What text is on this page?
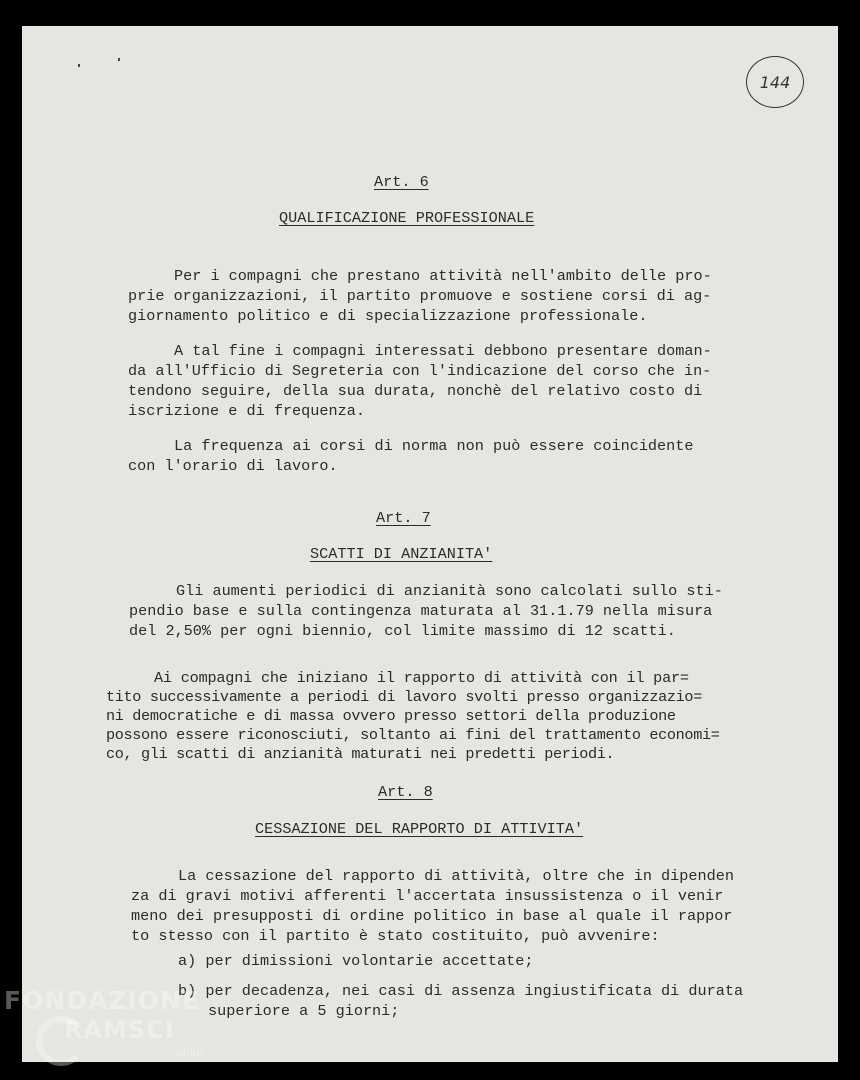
144
Art. 6
QUALIFICAZIONE PROFESSIONALE
Per i compagni che prestano attività nell'ambito delle pro-
prie organizzazioni, il partito promuove e sostiene corsi di ag-
giornamento politico e di specializzazione professionale.
A tal fine i compagni interessati debbono presentare doman-
da all'Ufficio di Segreteria con l'indicazione del corso che in-
tendono seguire, della sua durata, nonchè del relativo costo di
iscrizione e di frequenza.
La frequenza ai corsi di norma non può essere coincidente
con l'orario di lavoro.
Art. 7
SCATTI DI ANZIANITA'
Gli aumenti periodici di anzianità sono calcolati sullo sti-
pendio base e sulla contingenza maturata al 31.1.79 nella misura
del 2,50% per ogni biennio, col limite massimo di 12 scatti.
Ai compagni che iniziano il rapporto di attività con il par=
tito successivamente a periodi di lavoro svolti presso organizzazio=
ni democratiche e di massa ovvero presso settori della produzione
possono essere riconosciuti, soltanto ai fini del trattamento economi=
co, gli scatti di anzianità maturati nei predetti periodi.
Art. 8
CESSAZIONE DEL RAPPORTO DI ATTIVITA'
La cessazione del rapporto di attività, oltre che in dipenden
za di gravi motivi afferenti l'accertata insussistenza o il venir
meno dei presupposti di ordine politico in base al quale il rappor
to stesso con il partito è stato costituito, può avvenire:
a) per dimissioni volontarie accettate;
b) per decadenza, nei casi di assenza ingiustificata di durata
superiore a 5 giorni;
FONDAZIONE
RAMSCI
onlus
